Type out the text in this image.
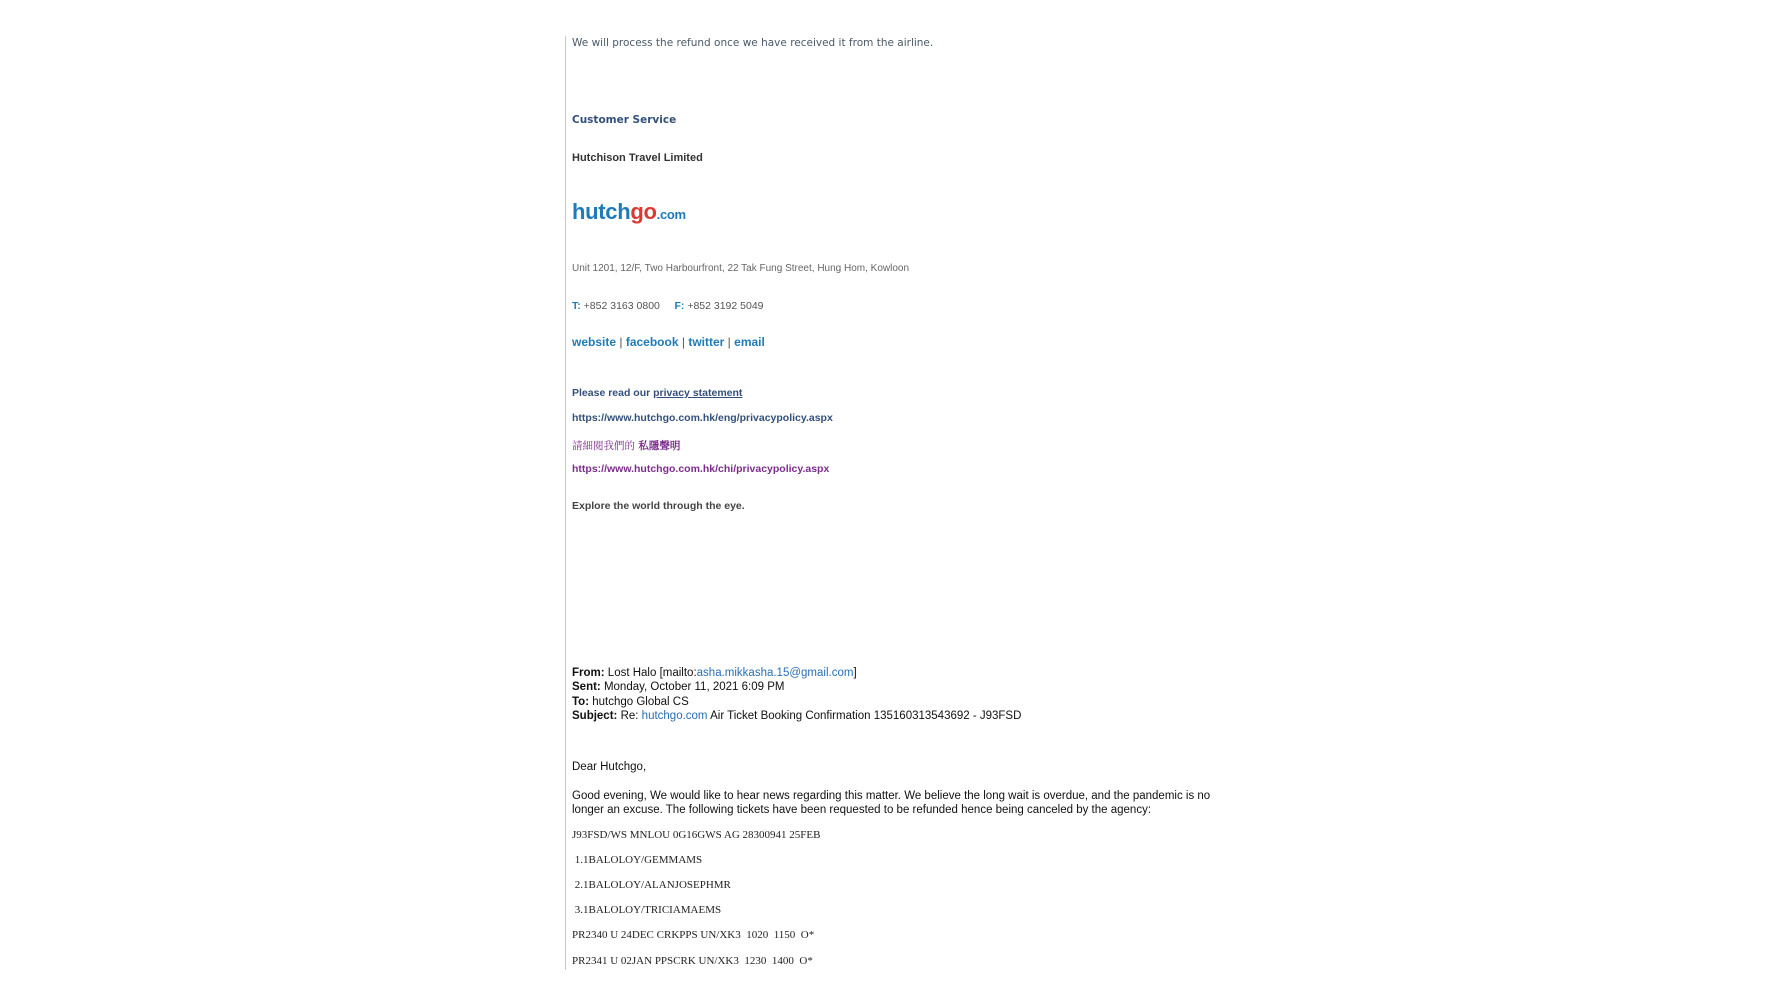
We will process the refund once we have received it from the airline.
Customer Service
Hutchison Travel Limited
hutchgo.com
Unit 1201, 12/F, Two Harbourfront, 22 Tak Fung Street, Hung Hom, Kowloon
T: +852 3163 0800 F: +852 3192 5049
website | facebook | twitter | email
Please read our privacy statement
https://www.hutchgo.com.hk/eng/privacypolicy.aspx
請細閱我們的 私隱聲明
https://www.hutchgo.com.hk/chi/privacypolicy.aspx
Explore the world through the eye.
From: Lost Halo [mailto:asha.mikkasha.15@gmail.com]
Sent: Monday, October 11, 2021 6:09 PM
To: hutchgo Global CS
Subject: Re: hutchgo.com Air Ticket Booking Confirmation 135160313543692 - J93FSD
Dear Hutchgo,
Good evening, We would like to hear news regarding this matter. We believe the long wait is overdue, and the pandemic is no longer an excuse. The following tickets have been requested to be refunded hence being canceled by the agency:
J93FSD/WS MNLOU 0G16GWS AG 28300941 25FEB
1.1BALOLOY/GEMMAMS
2.1BALOLOY/ALANJOSEPHMR
3.1BALOLOY/TRICIAMAEMS
PR2340 U 24DEC CRKPPS UN/XK3  1020  1150  O*
PR2341 U 02JAN PPSCRK UN/XK3  1230  1400  O*
